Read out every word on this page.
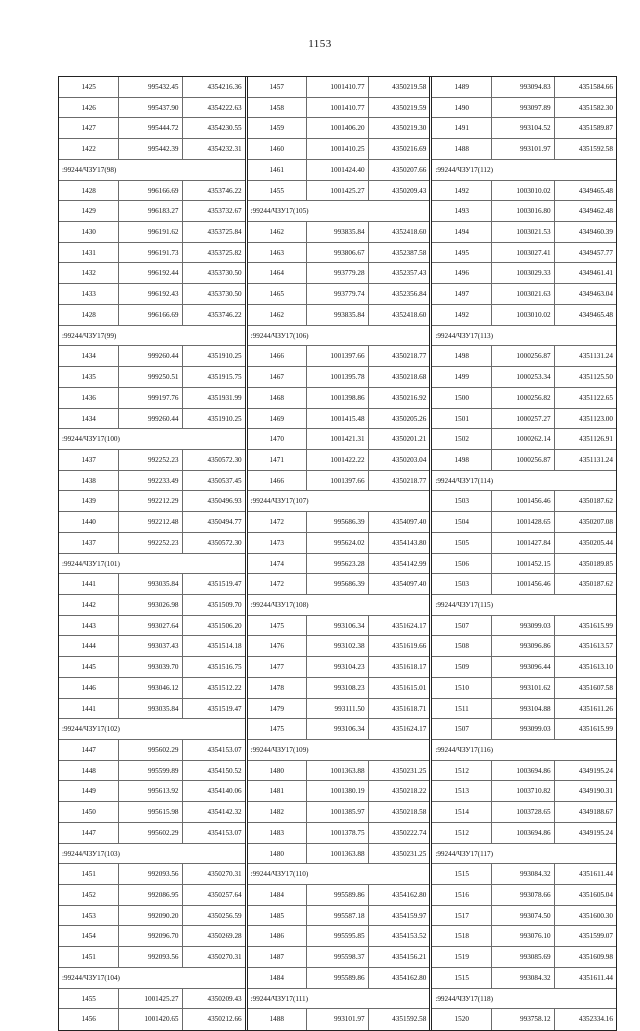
1153
1425	995432.45	4354216.36
1426	995437.90	4354222.63
1427	995444.72	4354230.55
1422	995442.39	4354232.31
:99244/ЧЗУ17(98)
1428	996166.69	4353746.22
1429	996183.27	4353732.67
1430	996191.62	4353725.84
1431	996191.73	4353725.82
1432	996192.44	4353730.50
1433	996192.43	4353730.50
1428	996166.69	4353746.22
:99244/ЧЗУ17(99)
1434	999260.44	4351910.25
1435	999250.51	4351915.75
1436	999197.76	4351931.99
1434	999260.44	4351910.25
:99244/ЧЗУ17(100)
1437	992252.23	4350572.30
1438	992233.49	4350537.45
1439	992212.29	4350496.93
1440	992212.48	4350494.77
1437	992252.23	4350572.30
:99244/ЧЗУ17(101)
1441	993035.84	4351519.47
1442	993026.98	4351509.70
1443	993027.64	4351506.20
1444	993037.43	4351514.18
1445	993039.70	4351516.75
1446	993046.12	4351512.22
1441	993035.84	4351519.47
:99244/ЧЗУ17(102)
1447	995602.29	4354153.07
1448	995599.89	4354150.52
1449	995613.92	4354140.06
1450	995615.98	4354142.32
1447	995602.29	4354153.07
:99244/ЧЗУ17(103)
1451	992093.56	4350270.31
1452	992086.95	4350257.64
1453	992090.20	4350256.59
1454	992096.70	4350269.28
1451	992093.56	4350270.31
:99244/ЧЗУ17(104)
1455	1001425.27	4350209.43
1456	1001420.65	4350212.66
1457	1001410.77	4350219.58
1458	1001410.77	4350219.59
1459	1001406.20	4350219.30
1460	1001410.25	4350216.69
1461	1001424.40	4350207.66
1455	1001425.27	4350209.43
:99244/ЧЗУ17(105)
1462	993835.84	4352418.60
1463	993806.67	4352387.58
1464	993779.28	4352357.43
1465	993779.74	4352356.84
1462	993835.84	4352418.60
:99244/ЧЗУ17(106)
1466	1001397.66	4350218.77
1467	1001395.78	4350218.68
1468	1001398.86	4350216.92
1469	1001415.48	4350205.26
1470	1001421.31	4350201.21
1471	1001422.22	4350203.04
1466	1001397.66	4350218.77
:99244/ЧЗУ17(107)
1472	995686.39	4354097.40
1473	995624.02	4354143.80
1474	995623.28	4354142.99
1472	995686.39	4354097.40
:99244/ЧЗУ17(108)
1475	993106.34	4351624.17
1476	993102.38	4351619.66
1477	993104.23	4351618.17
1478	993108.23	4351615.01
1479	993111.50	4351618.71
1475	993106.34	4351624.17
:99244/ЧЗУ17(109)
1480	1001363.88	4350231.25
1481	1001380.19	4350218.22
1482	1001385.97	4350218.58
1483	1001378.75	4350222.74
1480	1001363.88	4350231.25
:99244/ЧЗУ17(110)
1484	995589.86	4354162.80
1485	995587.18	4354159.97
1486	995595.85	4354153.52
1487	995598.37	4354156.21
1484	995589.86	4354162.80
:99244/ЧЗУ17(111)
1488	993101.97	4351592.58
1489	993094.83	4351584.66
1490	993097.89	4351582.30
1491	993104.52	4351589.87
1488	993101.97	4351592.58
:99244/ЧЗУ17(112)
1492	1003010.02	4349465.48
1493	1003016.80	4349462.48
1494	1003021.53	4349460.39
1495	1003027.41	4349457.77
1496	1003029.33	4349461.41
1497	1003021.63	4349463.04
1492	1003010.02	4349465.48
:99244/ЧЗУ17(113)
1498	1000256.87	4351131.24
1499	1000253.34	4351125.50
1500	1000256.82	4351122.65
1501	1000257.27	4351123.00
1502	1000262.14	4351126.91
1498	1000256.87	4351131.24
:99244/ЧЗУ17(114)
1503	1001456.46	4350187.62
1504	1001428.65	4350207.08
1505	1001427.84	4350205.44
1506	1001452.15	4350189.85
1503	1001456.46	4350187.62
:99244/ЧЗУ17(115)
1507	993099.03	4351615.99
1508	993096.86	4351613.57
1509	993096.44	4351613.10
1510	993101.62	4351607.58
1511	993104.88	4351611.26
1507	993099.03	4351615.99
:99244/ЧЗУ17(116)
1512	1003694.86	4349195.24
1513	1003710.82	4349190.31
1514	1003728.65	4349188.67
1512	1003694.86	4349195.24
:99244/ЧЗУ17(117)
1515	993084.32	4351611.44
1516	993078.66	4351605.04
1517	993074.50	4351600.30
1518	993076.10	4351599.07
1519	993085.69	4351609.98
1515	993084.32	4351611.44
:99244/ЧЗУ17(118)
1520	993758.12	4352334.16
